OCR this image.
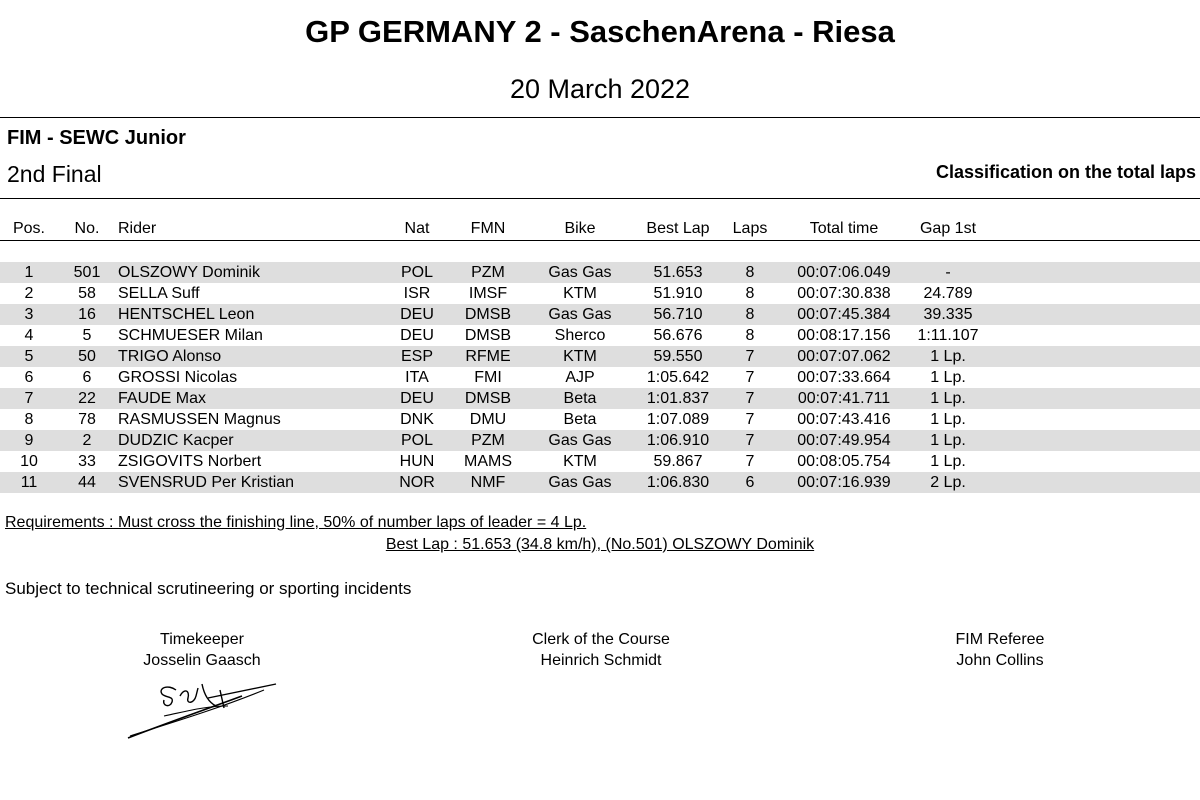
GP GERMANY 2 - SaschenArena - Riesa
20 March 2022
FIM - SEWC Junior
2nd Final	Classification on the total laps
Pos.	No.	Rider	Nat	FMN	Bike	Best Lap	Laps	Total time	Gap 1st
1	501	OLSZOWY Dominik	POL	PZM	Gas Gas	51.653	8	00:07:06.049	-
2	58	SELLA Suff	ISR	IMSF	KTM	51.910	8	00:07:30.838	24.789
3	16	HENTSCHEL Leon	DEU	DMSB	Gas Gas	56.710	8	00:07:45.384	39.335
4	5	SCHMUESER Milan	DEU	DMSB	Sherco	56.676	8	00:08:17.156	1:11.107
5	50	TRIGO Alonso	ESP	RFME	KTM	59.550	7	00:07:07.062	1 Lp.
6	6	GROSSI Nicolas	ITA	FMI	AJP	1:05.642	7	00:07:33.664	1 Lp.
7	22	FAUDE Max	DEU	DMSB	Beta	1:01.837	7	00:07:41.711	1 Lp.
8	78	RASMUSSEN Magnus	DNK	DMU	Beta	1:07.089	7	00:07:43.416	1 Lp.
9	2	DUDZIC Kacper	POL	PZM	Gas Gas	1:06.910	7	00:07:49.954	1 Lp.
10	33	ZSIGOVITS Norbert	HUN	MAMS	KTM	59.867	7	00:08:05.754	1 Lp.
11	44	SVENSRUD Per Kristian	NOR	NMF	Gas Gas	1:06.830	6	00:07:16.939	2 Lp.
Requirements : Must cross the finishing line, 50% of number laps of leader = 4 Lp.
Best Lap : 51.653 (34.8 km/h), (No.501) OLSZOWY Dominik
Subject to technical scrutineering or sporting incidents
Timekeeper
Josselin Gaasch
Clerk of the Course
Heinrich Schmidt
FIM Referee
John Collins
